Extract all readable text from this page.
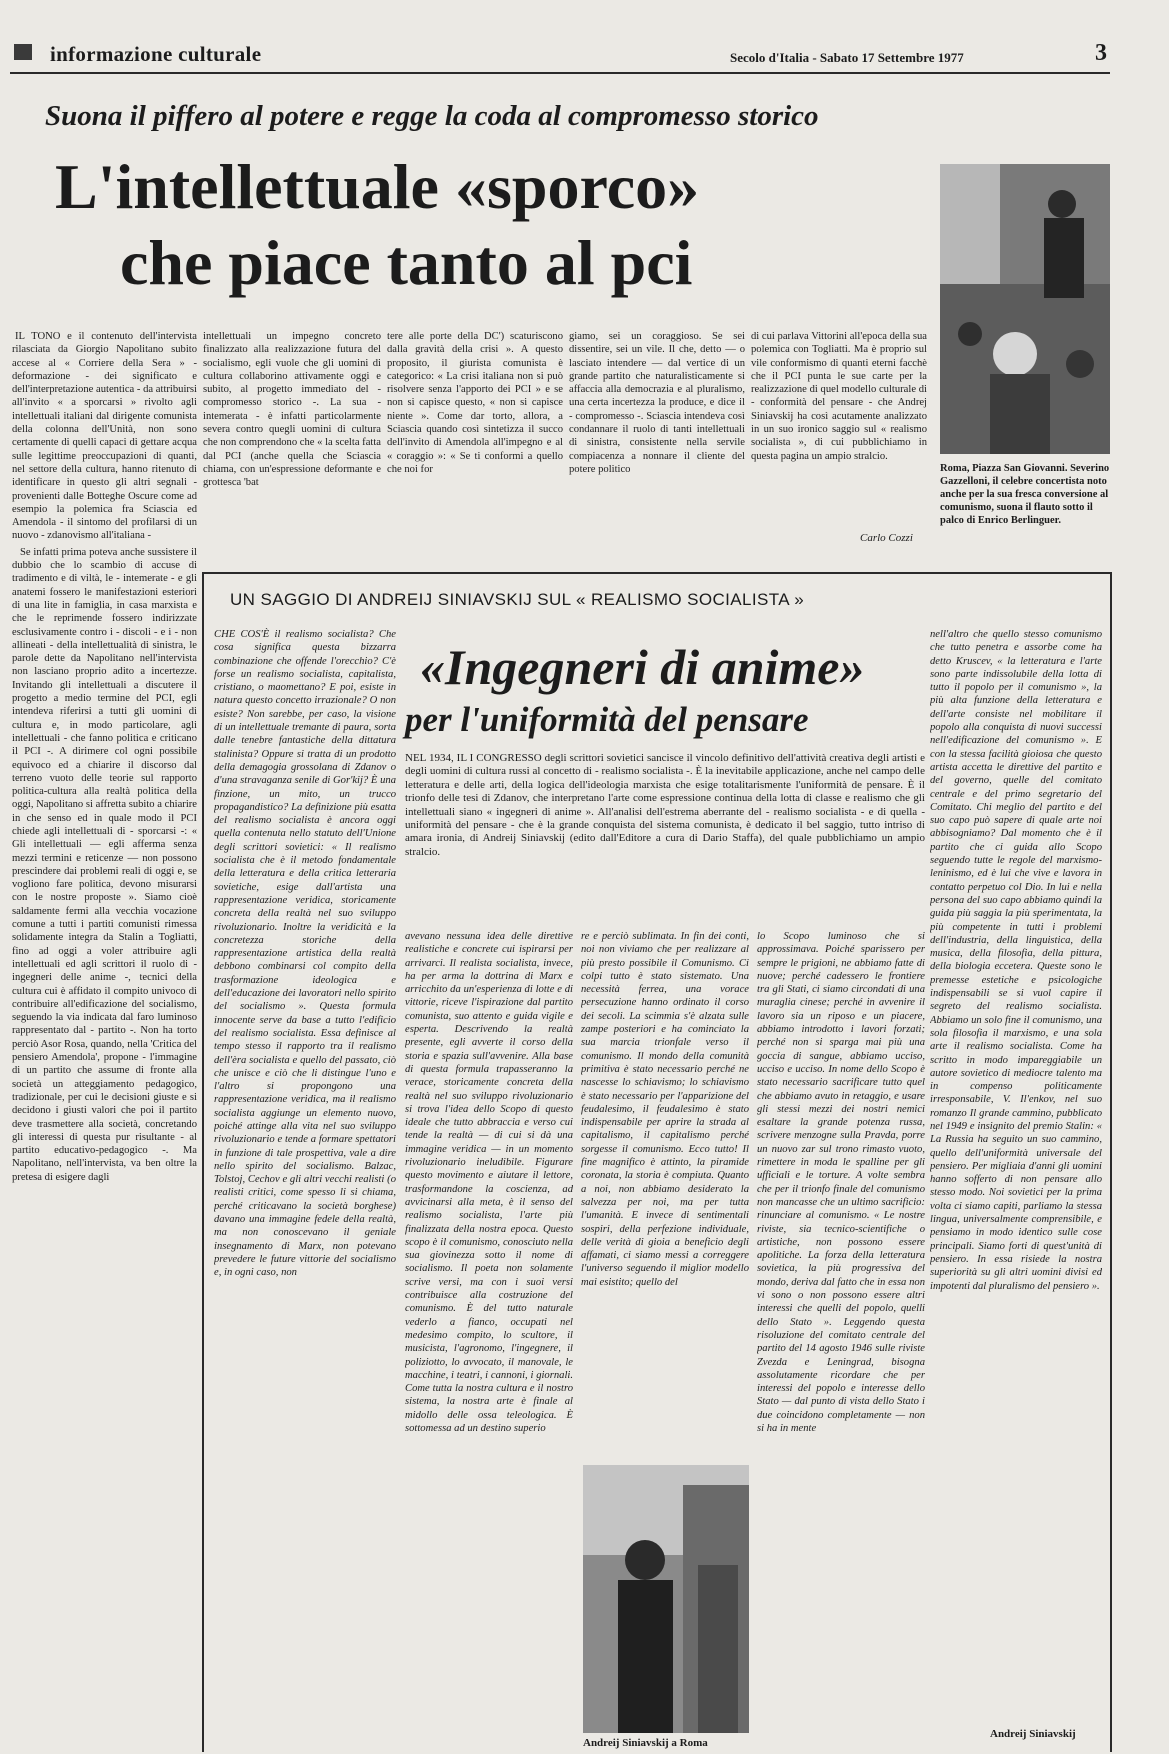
informazione culturale	Secolo d'Italia - Sabato 17 Settembre 1977	3
Suona il piffero al potere e regge la coda al compromesso storico
L'intellettuale «sporco»
che piace tanto al pci
Roma, Piazza San Giovanni. Severino Gazzelloni, il celebre concertista noto anche per la sua fresca conversione al comunismo, suona il flauto sotto il palco di Enrico Berlinguer.
IL TONO e il contenuto dell'intervista rilasciata da Giorgio Napolitano subito accese al « Corriere della Sera » - deformazione - dei significato e dell'interpretazione autentica - da attribuirsi all'invito « a sporcarsi » rivolto agli intellettuali italiani dal dirigente comunista della colonna dell'Unità, non sono certamente di quelli capaci di gettare acqua sulle legittime preoccupazioni di quanti, nel settore della cultura, hanno ritenuto di identificare in questo gli altri segnali - provenienti dalle Botteghe Oscure come ad esempio la polemica fra Sciascia ed Amendola - il sintomo del profilarsi di un nuovo - zdanovismo all'italiana -

Se infatti prima poteva anche sussistere il dubbio che lo scambio di accuse di tradimento e di viltà, le - intemerate - e gli anatemi fossero le manifestazioni esteriori di una lite in famiglia, in casa marxista e che le reprimende fossero indirizzate esclusivamente contro i - discoli - e i - non allineati - della intellettualità di sinistra, le parole dette da Napolitano nell'intervista non lasciano proprio adito a incertezze. Invitando gli intellettuali a discutere il progetto a medio termine del PCI, egli intendeva riferirsi a tutti gli uomini di cultura e, in modo particolare, agli intellettuali - che fanno politica e criticano il PCI -. A dirimere col ogni possibile equivoco ed a chiarire il discorso dal terreno vuoto delle teorie sul rapporto politica-cultura alla realtà politica della oggi, Napolitano si affretta subito a chiarire in che senso ed in quale modo il PCI chiede agli intellettuali di - sporcarsi -: « Gli intellettuali — egli afferma senza mezzi termini e reticenze — non possono prescindere dai problemi reali di oggi e, se vogliono fare politica, devono misurarsi con le nostre proposte ». Siamo cioè saldamente fermi alla vecchia vocazione comune a tutti i partiti comunisti rimessa solidamente integra da Stalin a Togliatti, fino ad oggi a voler attribuire agli intellettuali ed agli scrittori il ruolo di - ingegneri delle anime -, tecnici della cultura cui è affidato il compito univoco di contribuire all'edificazione del socialismo, seguendo la via indicata dal faro luminoso rappresentato dal - partito -. Non ha torto perciò Asor Rosa, quando, nella 'Critica del pensiero Amendola', propone - l'immagine di un partito che assume di fronte alla società un atteggiamento pedagogico, tradizionale, per cui le decisioni giuste e si decidono i giusti valori che poi il partito deve trasmettere alla società, concretando gli interessi di questa pur risultante - al partito educativo-pedagogico -. Ma Napolitano, nell'intervista, va ben oltre la pretesa di esigere dagli

intellettuali un impegno concreto finalizzato alla realizzazione futura del socialismo, egli vuole che gli uomini di cultura collaborino attivamente oggi e subito, al progetto immediato del - compromesso storico -. La sua - intemerata - è infatti particolarmente severa contro quegli uomini di cultura che non comprendono che « la scelta fatta dal PCI (anche quella che Sciascia chiama, con un'espressione deformante e grottesca 'bat
tere alle porte della DC') scaturiscono dalla gravità della crisi ». A questo proposito, il giurista comunista è categorico: « La crisi italiana non si può risolvere senza l'apporto dei PCI » e se non si capisce questo, « non si capisce niente ». Come dar torto, allora, a Sciascia quando così sintetizza il succo dell'invito di Amendola all'impegno e al « coraggio »: « Se ti conformi a quello che noi for
giamo, sei un coraggioso. Se sei dissentire, sei un vile. Il che, detto — o lasciato intendere — dal vertice di un grande partito che naturalisticamente si affaccia alla democrazia e al pluralismo, una certa incertezza la produce, e dice il - compromesso -. Sciascia intendeva così condannare il ruolo di tanti intellettuali di sinistra, consistente nella servile compiacenza a nonnare il cliente del potere politico
di cui parlava Vittorini all'epoca della sua polemica con Togliatti. Ma è proprio sul vile conformismo di quanti eterni facchè che il PCI punta le sue carte per la realizzazione di quel modello culturale di - conformità del pensare - che Andrej Siniavskij ha così acutamente analizzato in un suo ironico saggio sul « realismo socialista », di cui pubblichiamo in questa pagina un ampio stralcio.
Carlo Cozzi
UN SAGGIO DI ANDREIJ SINIAVSKIJ SUL « REALISMO SOCIALISTA »
CHE COS'È il realismo socialista? Che cosa significa questa bizzarra combinazione che offende l'orecchio? C'è forse un realismo socialista, capitalista, cristiano, o maomettano? E poi, esiste in natura questo concetto irrazionale? O non esiste? Non sarebbe, per caso, la visione di un intellettuale tremante di paura, sorta dalle tenebre fantastiche della dittatura stalinista? Oppure si tratta di un prodotto della demagogia grossolana di Zdanov o d'una stravaganza senile di Gor'kij? È una finzione, un mito, un trucco propagandistico? La definizione più esatta del realismo socialista è ancora oggi quella contenuta nello statuto dell'Unione degli scrittori sovietici: « Il realismo socialista che è il metodo fondamentale della letteratura e della critica letteraria sovietiche, esige dall'artista una rappresentazione veridica, storicamente concreta della realtà nel suo sviluppo rivoluzionario. Inoltre la veridicità e la concretezza storiche della rappresentazione artistica della realtà debbono combinarsi col compito della trasformazione ideologica e dell'educazione dei lavoratori nello spirito del socialismo ». Questa formula innocente serve da base a tutto l'edificio del realismo socialista. Essa definisce al tempo stesso il rapporto tra il realismo dell'èra socialista e quello del passato, ciò che unisce e ciò che li distingue l'uno e l'altro si propongono una rappresentazione veridica, ma il realismo socialista aggiunge un elemento nuovo, poiché attinge alla vita nel suo sviluppo rivoluzionario e tende a formare spettatori in funzione di tale prospettiva, vale a dire nello spirito del socialismo. Balzac, Tolstoj, Cechov e gli altri vecchi realisti (o realisti critici, come spesso li si chiama, perché criticavano la società borghese) davano una immagine fedele della realtà, ma non conoscevano il geniale insegnamento di Marx, non potevano prevedere le future vittorie del socialismo e, in ogni caso, non
«Ingegneri di anime»
per l'uniformità del pensare
NEL 1934, IL I CONGRESSO degli scrittori sovietici sancisce il vincolo definitivo dell'attività creativa degli artisti e degli uomini di cultura russi al concetto di - realismo socialista -. È la inevitabile applicazione, anche nel campo delle letteratura e delle arti, della logica dell'ideologia marxista che esige totalitarismente l'uniformità de pensare. È il trionfo delle tesi di Zdanov, che interpretano l'arte come espressione continua della lotta di classe e realismo che gli intellettuali siano « ingegneri di anime ». All'analisi dell'estrema aberrante del - realismo socialista - e di quella - uniformità del pensare - che è la grande conquista del sistema comunista, è dedicato il bel saggio, tutto intriso di amara ironia, di Andreij Siniavskij (edito dall'Editore a cura di Dario Staffa), del quale pubblichiamo un ampio stralcio.
avevano nessuna idea delle direttive realistiche e concrete cui ispirarsi per arrivarci. Il realista socialista, invece, ha per arma la dottrina di Marx e arricchito da un'esperienza di lotte e di vittorie, riceve l'ispirazione dal partito comunista, suo attento e guida vigile e esperta. Descrivendo la realtà presente, egli avverte il corso della storia e spazia sull'avvenire. Alla base di questa formula trapasseranno la verace, storicamente concreta della realtà nel suo sviluppo rivoluzionario si trova l'idea dello Scopo di questo ideale che tutto abbraccia e verso cui tende la realtà — di cui si dà una immagine veridica — in un momento rivoluzionario ineludibile. Figurare questo movimento e aiutare il lettore, trasformandone la coscienza, ad avvicinarsi alla meta, è il senso del realismo socialista, l'arte più finalizzata della nostra epoca. Questo scopo è il comunismo, conosciuto nella sua giovinezza sotto il nome di socialismo. Il poeta non solamente scrive versi, ma con i suoi versi contribuisce alla costruzione del comunismo. È del tutto naturale vederlo a fianco, occupati nel medesimo compito, lo scultore, il musicista, l'agronomo, l'ingegnere, il poliziotto, lo avvocato, il manovale, le macchine, i teatri, i cannoni, i giornali. Come tutta la nostra cultura e il nostro sistema, la nostra arte è finale al midollo delle ossa teleologica. È sottomessa ad un destino superio
re e perciò sublimata. In fin dei conti, noi non viviamo che per realizzare al più presto possibile il Comunismo. Ci colpi tutto è stato sistemato. Una necessità ferrea, una vorace persecuzione hanno ordinato il corso dei secoli. La scimmia s'è alzata sulle zampe posteriori e ha cominciato la sua marcia trionfale verso il comunismo. Il mondo della comunità primitiva è stato necessario perché ne nascesse lo schiavismo; lo schiavismo è stato necessario per l'apparizione del feudalesimo, il feudalesimo è stato indispensabile per aprire la strada al capitalismo, il capitalismo perché sorgesse il comunismo. Ecco tutto! Il fine magnifico è attinto, la piramide coronata, la storia è compiuta. Quanto a noi, non abbiamo desiderato la salvezza per noi, ma per tutta l'umanità. E invece di sentimentali sospiri, della perfezione individuale, delle verità di gioia a beneficio degli affamati, ci siamo messi a correggere l'universo seguendo il miglior modello mai esistito; quello del
lo Scopo luminoso che si approssimava. Poiché sparissero per sempre le prigioni, ne abbiamo fatte di nuove; perché cadessero le frontiere tra gli Stati, ci siamo circondati di una muraglia cinese; perché in avvenire il lavoro sia un riposo e un piacere, abbiamo introdotto i lavori forzati; perché non si sparga mai più una goccia di sangue, abbiamo ucciso, ucciso e ucciso. In nome dello Scopo è stato necessario sacrificare tutto quel che abbiamo avuto in retaggio, e usare gli stessi mezzi dei nostri nemici esaltare la grande potenza russa, scrivere menzogne sulla Pravda, porre un nuovo zar sul trono rimasto vuoto, rimettere in moda le spalline per gli ufficiali e le torture. A volte sembra che per il trionfo finale del comunismo non mancasse che un ultimo sacrificio: rinunciare al comunismo. « Le nostre riviste, sia tecnico-scientifiche o artistiche, non possono essere apolitiche. La forza della letteratura sovietica, la più progressiva del mondo, deriva dal fatto che in essa non vi sono o non possono essere altri interessi che quelli del popolo, quelli dello Stato ». Leggendo questa risoluzione del comitato centrale del partito del 14 agosto 1946 sulle riviste Zvezda e Leningrad, bisogna assolutamente ricordare che per interessi del popolo e interesse dello Stato — dal punto di vista dello Stato i due coincidono completamente — non si ha in mente
nell'altro che quello stesso comunismo che tutto penetra e assorbe come ha detto Kruscev, « la letteratura e l'arte sono parte indissolubile della lotta di tutto il popolo per il comunismo », la più alta funzione della letteratura e dell'arte consiste nel mobilitare il popolo alla conquista di nuovi successi nell'edificazione del comunismo ». E con la stessa facilità gioiosa che questo artista accetta le direttive del partito e del governo, quelle del comitato centrale e del primo segretario del Comitato. Chi meglio del partito e del suo capo può sapere di quale arte noi abbisogniamo? Dal momento che è il partito che ci guida allo Scopo seguendo tutte le regole del marxismo-leninismo, ed è lui che vive e lavora in contatto perpetuo col Dio. In lui e nella persona del suo capo abbiamo quindi la guida più saggia la più sperimentata, la più competente in tutti i problemi dell'industria, della linguistica, della musica, della filosofia, della pittura, della biologia eccetera. Queste sono le premesse estetiche e psicologiche indispensabili se si vuol capire il segreto del realismo socialista. Abbiamo un solo fine il comunismo, una sola filosofia il marxismo, e una sola arte il realismo socialista. Come ha scritto in modo impareggiabile un autore sovietico di mediocre talento ma in compenso politicamente irresponsabile, V. Il'enkov, nel suo romanzo Il grande cammino, pubblicato nel 1949 e insignito del premio Stalin: « La Russia ha seguito un suo cammino, quello dell'uniformità universale del pensiero. Per migliaia d'anni gli uomini hanno sofferto di non pensare allo stesso modo. Noi sovietici per la prima volta ci siamo capiti, parliamo la stessa lingua, universalmente comprensibile, e pensiamo in modo identico sulle cose principali. Siamo forti di quest'unità di pensiero. In essa risiede la nostra superiorità su gli altri uomini divisi ed impotenti dal pluralismo del pensiero ».
Andreij Siniavskij
Andreij Siniavskij a Roma
